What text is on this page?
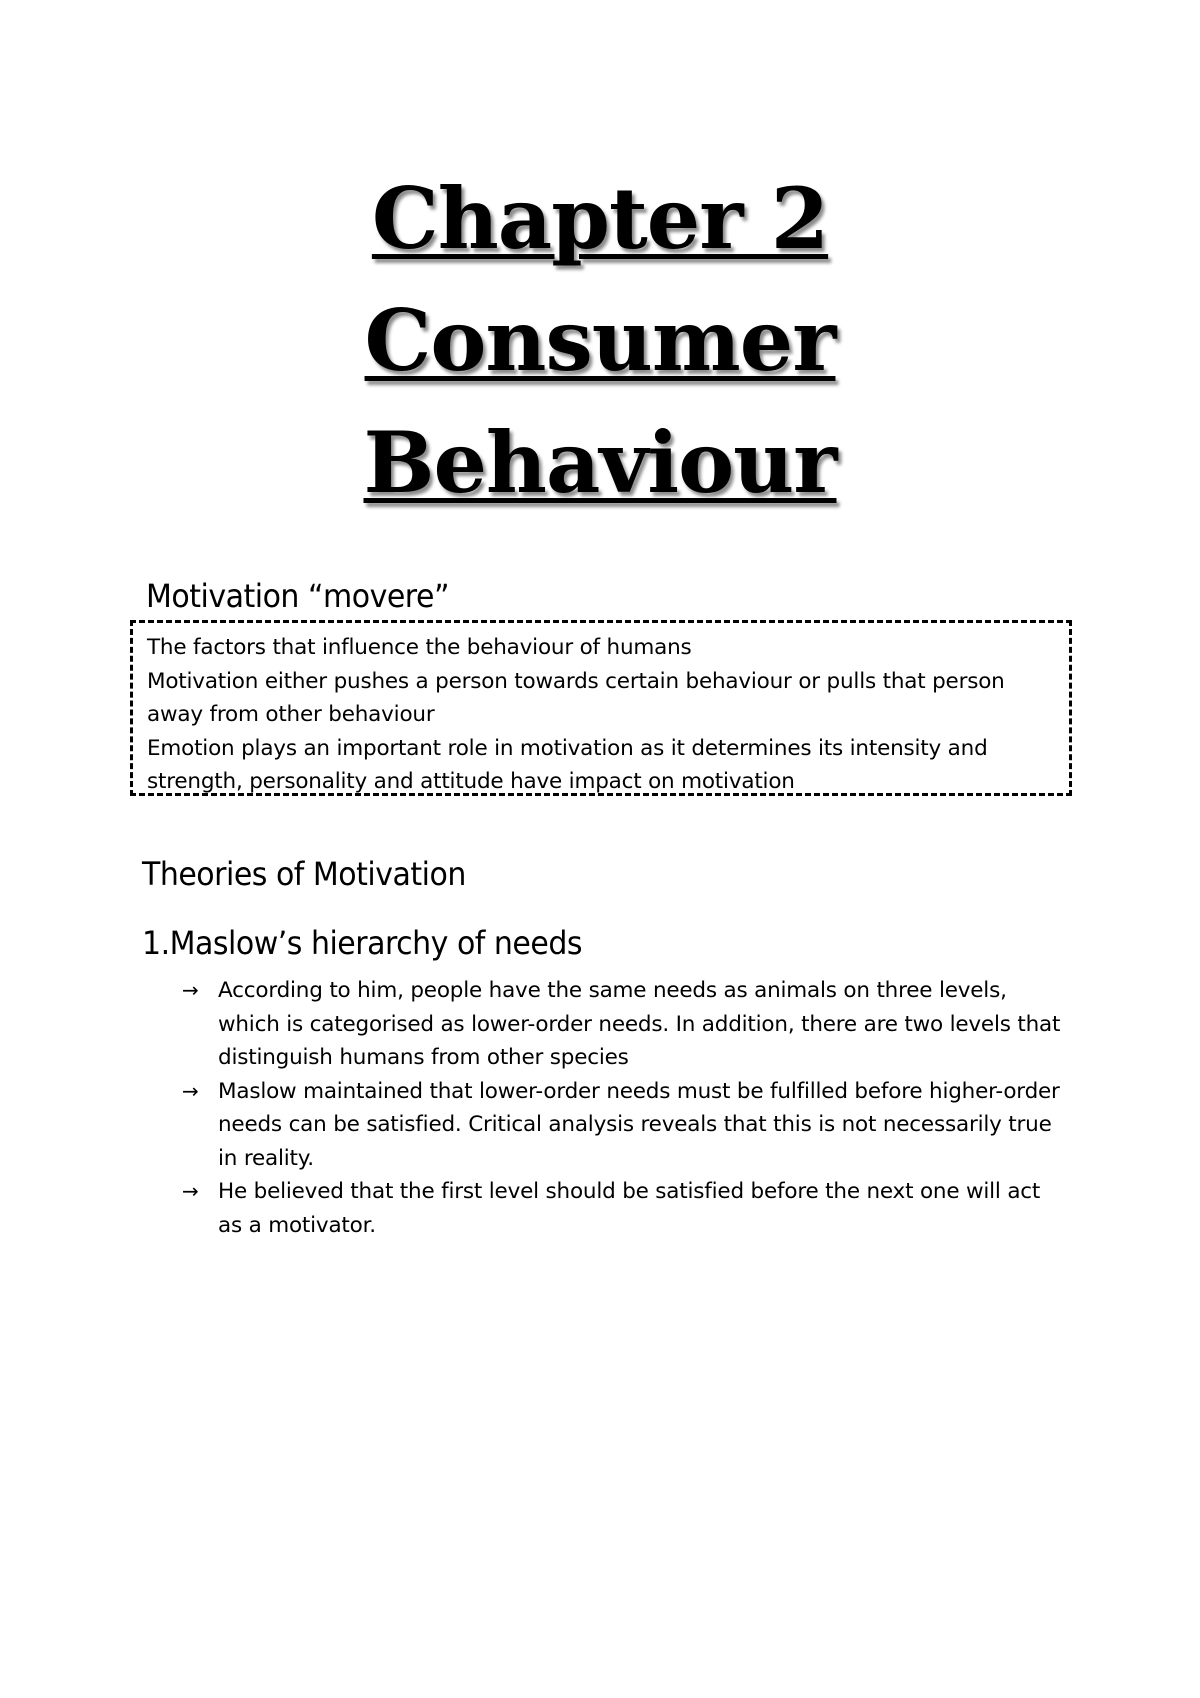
Chapter 2
Consumer
Behaviour
Motivation “movere”

The factors that influence the behaviour of humans

Motivation either pushes a person towards certain behaviour or pulls that person away from other behaviour

Emotion plays an important role in motivation as it determines its intensity and strength, personality and attitude have impact on motivation

Theories of Motivation
1.Maslow’s hierarchy of needs
→ According to him, people have the same needs as animals on three levels, which is categorised as lower-order needs. In addition, there are two levels that distinguish humans from other species
→ Maslow maintained that lower-order needs must be fulfilled before higher-order needs can be satisfied. Critical analysis reveals that this is not necessarily true in reality.
→ He believed that the first level should be satisfied before the next one will act as a motivator.
